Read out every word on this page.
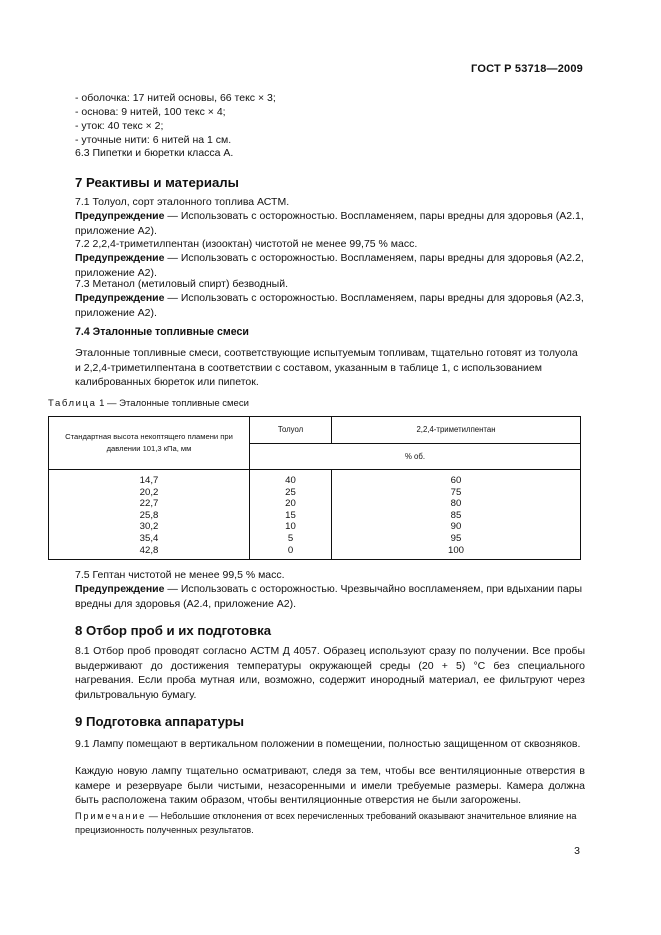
ГОСТ Р 53718—2009
- оболочка: 17 нитей основы, 66 текс × 3;
- основа: 9 нитей, 100 текс × 4;
- уток: 40 текс × 2;
- уточные нити: 6 нитей на 1 см.
6.3 Пипетки и бюретки класса А.
7 Реактивы и материалы
7.1 Толуол, сорт эталонного топлива АСТМ.
Предупреждение — Использовать с осторожностью. Воспламеняем, пары вредны для здоровья (А2.1, приложение А2).
7.2 2,2,4-триметилпентан (изооктан) чистотой не менее 99,75 % масс.
Предупреждение — Использовать с осторожностью. Воспламеняем, пары вредны для здоровья (А2.2, приложение А2).
7.3 Метанол (метиловый спирт) безводный.
Предупреждение — Использовать с осторожностью. Воспламеняем, пары вредны для здоровья (А2.3, приложение А2).
7.4 Эталонные топливные смеси
Эталонные топливные смеси, соответствующие испытуемым топливам, тщательно готовят из толуола и 2,2,4-триметилпентана в соответствии с составом, указанным в таблице 1, с использованием калиброванных бюреток или пипеток.
Таблица 1 — Эталонные топливные смеси
Стандартная высота некоптящего пламени при давлении 101,3 кПа, мм	Толуол	2,2,4-триметилпентан
	% об.	
14,7	40	60
20,2	25	75
22,7	20	80
25,8	15	85
30,2	10	90
35,4	5	95
42,8	0	100
7.5 Гептан чистотой не менее 99,5 % масс.
Предупреждение — Использовать с осторожностью. Чрезвычайно воспламеняем, при вдыхании пары вредны для здоровья (А2.4, приложение А2).
8 Отбор проб и их подготовка
8.1 Отбор проб проводят согласно АСТМ Д 4057. Образец используют сразу по получении. Все пробы выдерживают до достижения температуры окружающей среды (20 + 5) °С без специального нагревания. Если проба мутная или, возможно, содержит инородный материал, ее фильтруют через фильтровальную бумагу.
9 Подготовка аппаратуры
9.1 Лампу помещают в вертикальном положении в помещении, полностью защищенном от сквозняков.
Каждую новую лампу тщательно осматривают, следя за тем, чтобы все вентиляционные отверстия в камере и резервуаре были чистыми, незасоренными и имели требуемые размеры. Камера должна быть расположена таким образом, чтобы вентиляционные отверстия не были загорожены.
Примечание — Небольшие отклонения от всех перечисленных требований оказывают значительное влияние на прецизионность полученных результатов.
3
